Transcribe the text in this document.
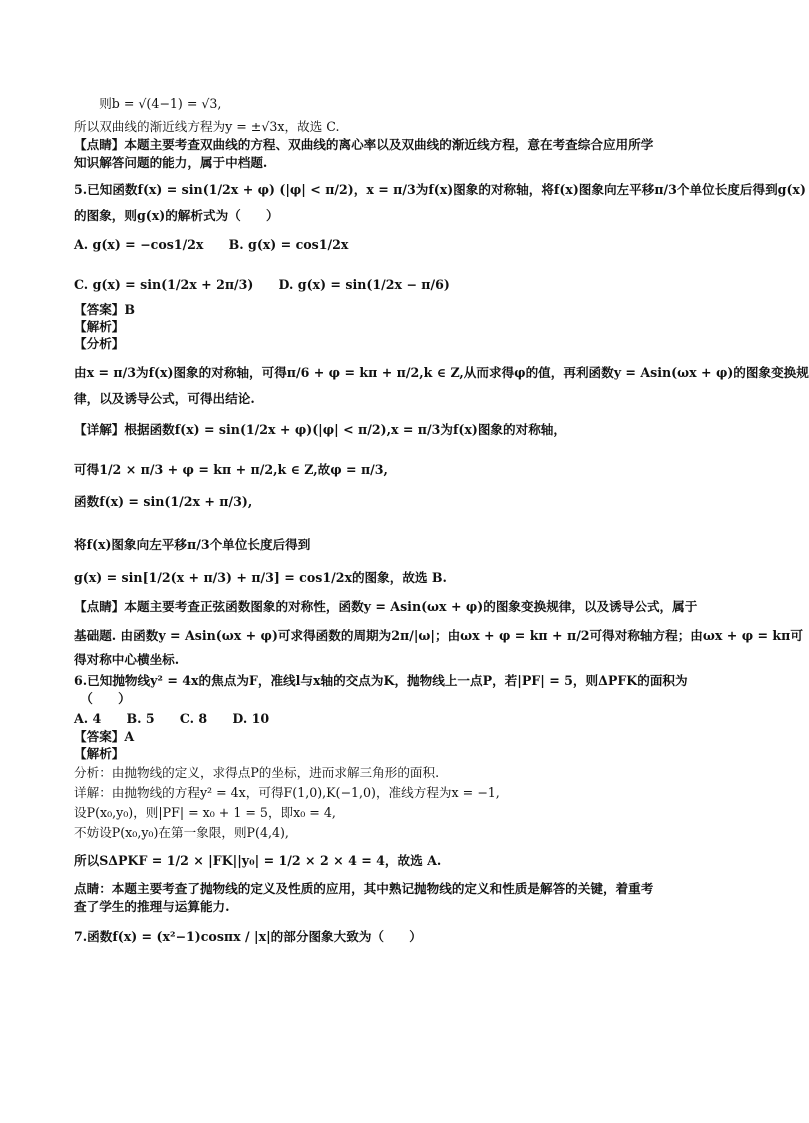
　　则b = √(4−1) = √3,
所以双曲线的渐近线方程为y = ±√3x，故选 C.
【点睛】本题主要考查双曲线的方程、双曲线的离心率以及双曲线的渐近线方程，意在考查综合应用所学
知识解答问题的能力，属于中档题.
5.已知函数f(x) = sin(1/2x + φ) (|φ| < π/2)，x = π/3为f(x)图象的对称轴，将f(x)图象向左平移π/3个单位长度后得到g(x)
的图象，则g(x)的解析式为（　　）
A. g(x) = −cos1/2x　　B. g(x) = cos1/2x
C. g(x) = sin(1/2x + 2π/3)　　D. g(x) = sin(1/2x − π/6)
【答案】B
【解析】
【分析】
由x = π/3为f(x)图象的对称轴，可得π/6 + φ = kπ + π/2,k ∈ Z,从而求得φ的值，再利函数y = Asin(ωx + φ)的图象变换规
律，以及诱导公式，可得出结论.
【详解】根据函数f(x) = sin(1/2x + φ)(|φ| < π/2),x = π/3为f(x)图象的对称轴，
可得1/2 × π/3 + φ = kπ + π/2,k ∈ Z,故φ = π/3,
函数f(x) = sin(1/2x + π/3),
将f(x)图象向左平移π/3个单位长度后得到
g(x) = sin[1/2(x + π/3) + π/3] = cos1/2x的图象，故选 B.
【点睛】本题主要考查正弦函数图象的对称性，函数y = Asin(ωx + φ)的图象变换规律，以及诱导公式，属于
基础题. 由函数y = Asin(ωx + φ)可求得函数的周期为2π/|ω|；由ωx + φ = kπ + π/2可得对称轴方程；由ωx + φ = kπ可
得对称中心横坐标.
6.已知抛物线y² = 4x的焦点为F，准线l与x轴的交点为K，抛物线上一点P，若|PF| = 5，则ΔPFK的面积为
　（　　）
A. 4　　B. 5　　C. 8　　D. 10
【答案】A
【解析】
分析：由抛物线的定义，求得点P的坐标，进而求解三角形的面积.
详解：由抛物线的方程y² = 4x，可得F(1,0),K(−1,0)，准线方程为x = −1,
设P(x₀,y₀)，则|PF| = x₀ + 1 = 5，即x₀ = 4,
不妨设P(x₀,y₀)在第一象限，则P(4,4),
所以SΔPKF = 1/2 × |FK||y₀| = 1/2 × 2 × 4 = 4，故选 A.
点睛：本题主要考查了抛物线的定义及性质的应用，其中熟记抛物线的定义和性质是解答的关键，着重考
查了学生的推理与运算能力.
7.函数f(x) = (x²−1)cosπx / |x|的部分图象大致为（　　）
